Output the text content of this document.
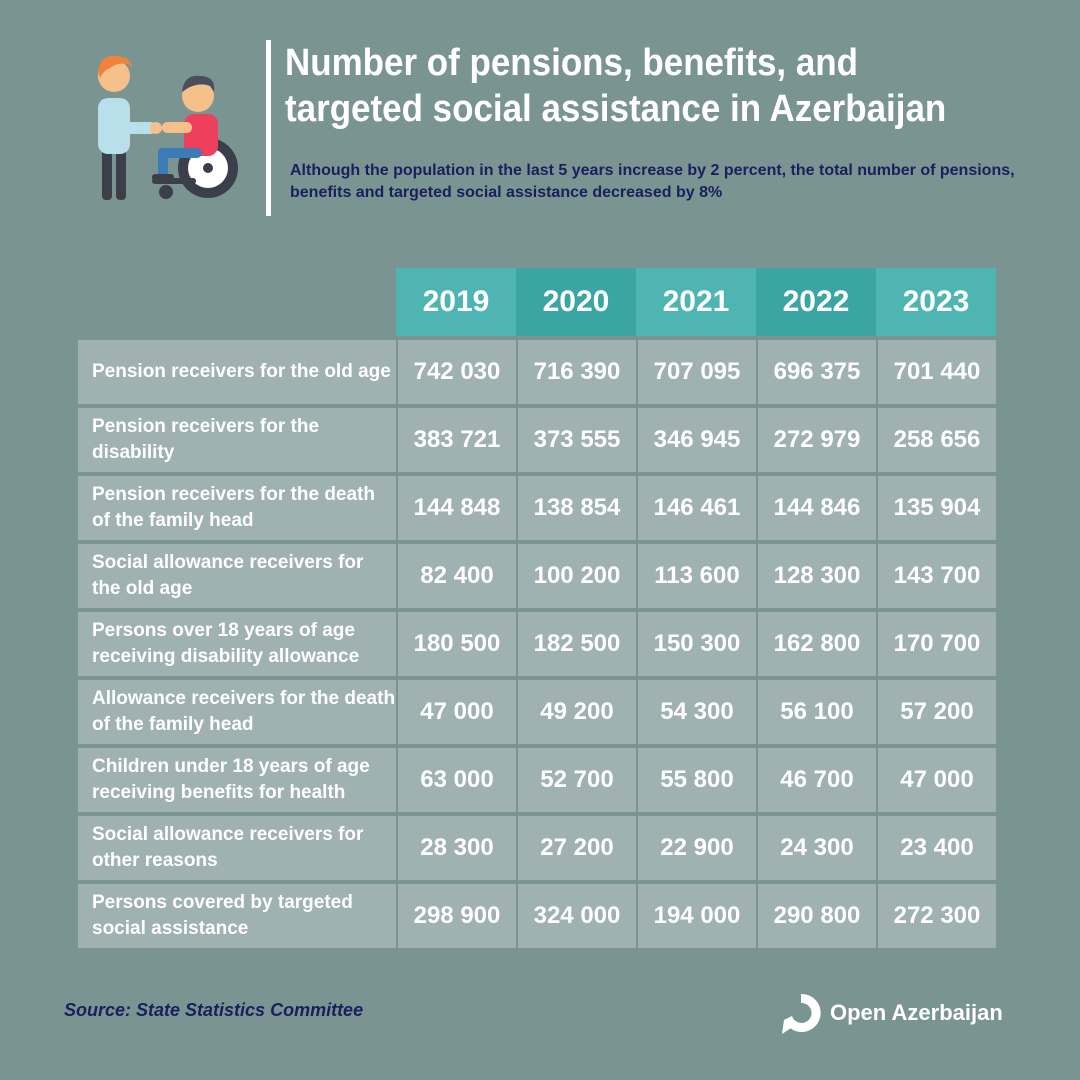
Number of pensions, benefits, and targeted social assistance in Azerbaijan

Although the population in the last 5 years increase by 2 percent, the total number of pensions, benefits and targeted social assistance decreased by 8%

2019	2020	2021	2022	2023
Pension receivers for the old age 742 030	716 390	707 095	696 375	701 440
Pension receivers for the disability	383 721	373 555	346 945	272 979	258 656
Pension receivers for the death of the family head	144 848	138 854	146 461	144 846	135 904
Social allowance receivers for the old age	82 400	100 200	113 600	128 300	143 700
Persons over 18 years of age receiving disability allowance	180 500	182 500	150 300	162 800	170 700
Allowance receivers for the death of the family head	47 000	49 200	54 300	56 100	57 200
Children under 18 years of age receiving benefits for health	63 000	52 700	55 800	46 700	47 000
Social allowance receivers for other reasons	28 300	27 200	22 900	24 300	23 400
Persons covered by targeted social assistance	298 900	324 000	194 000	290 800	272 300
Source: State Statistics Committee	Open Azerbaijan
